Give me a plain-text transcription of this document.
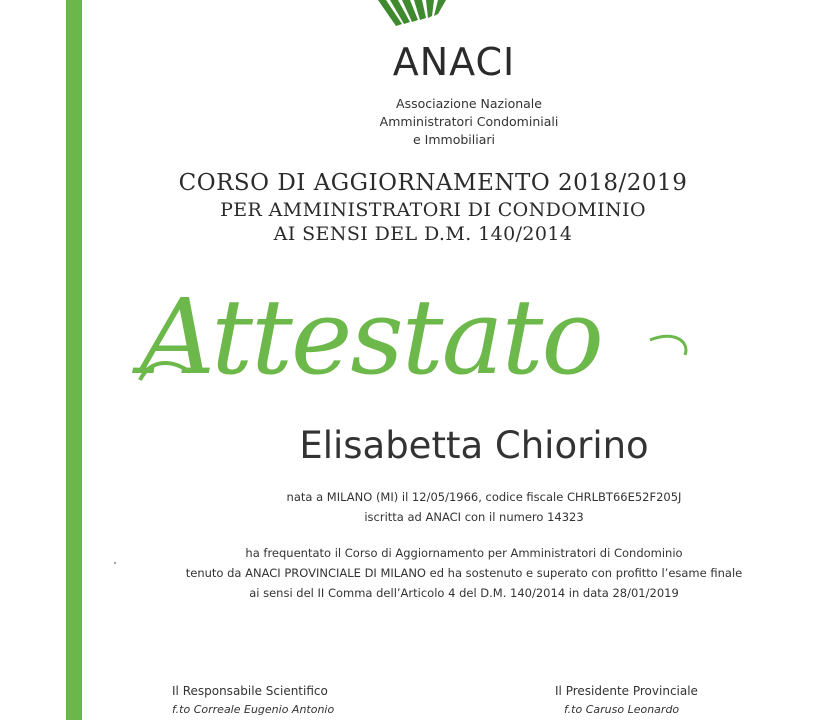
ANACI
Associazione Nazionale
Amministratori Condominiali
e Immobiliari
CORSO DI AGGIORNAMENTO 2018/2019
PER AMMINISTRATORI DI CONDOMINIO
AI SENSI DEL D.M. 140/2014
Attestato
Elisabetta Chiorino
nata a MILANO (MI) il 12/05/1966, codice fiscale CHRLBT66E52F205J
iscritta ad ANACI con il numero 14323
ha frequentato il Corso di Aggiornamento per Amministratori di Condominio
tenuto da ANACI PROVINCIALE DI MILANO ed ha sostenuto e superato con profitto l’esame finale
ai sensi del II Comma dell’Articolo 4 del D.M. 140/2014 in data 28/01/2019
Il Responsabile Scientifico
f.to Correale Eugenio Antonio
Il Presidente Provinciale
f.to Caruso Leonardo
